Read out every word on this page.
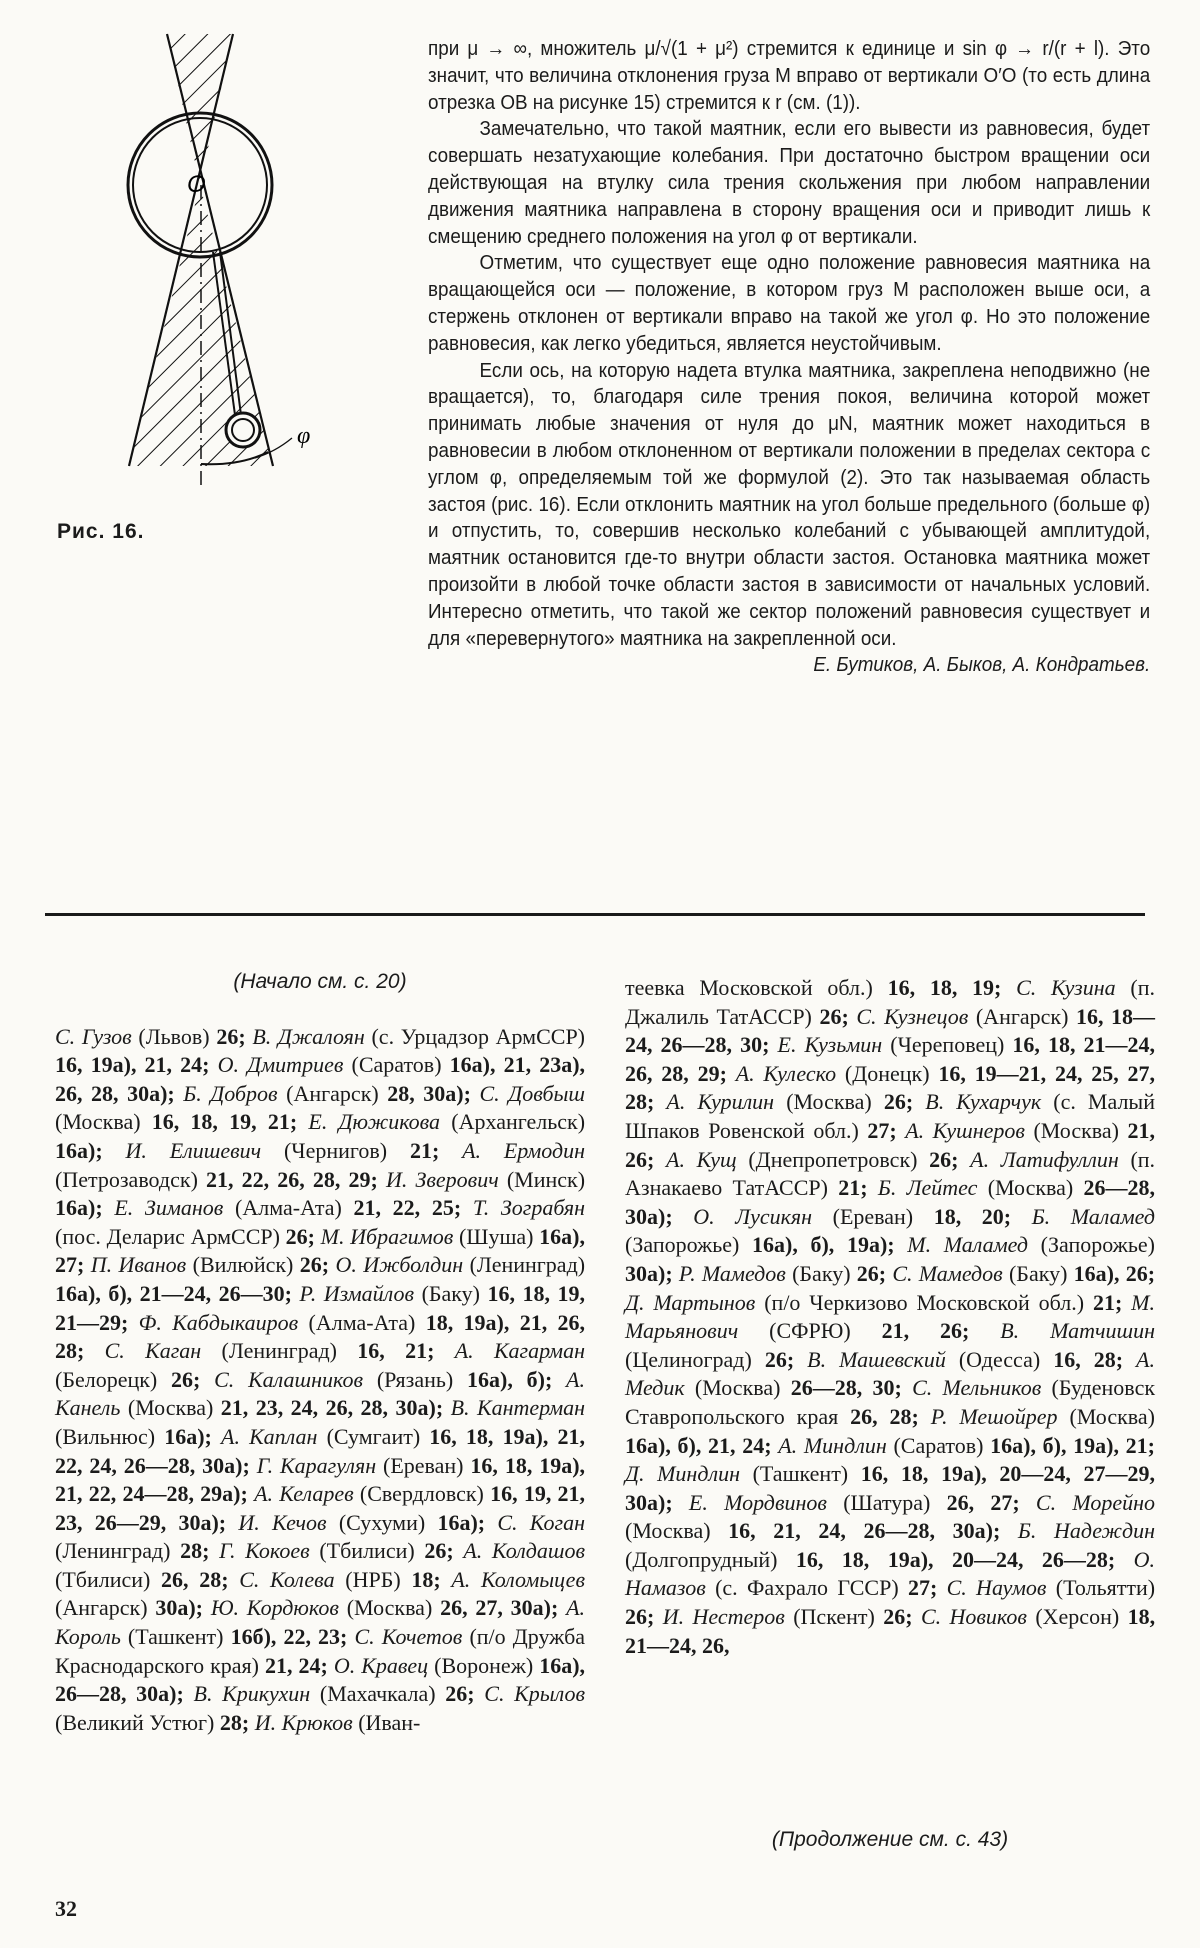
O
φ
Рис. 16.

при μ → ∞, множитель μ/√(1 + μ²) стремится к единице и sin φ → r/(r + l). Это значит, что величина отклонения груза M вправо от вертикали O′O (то есть длина отрезка OB на рисунке 15) стремится к r (см. (1)).

Замечательно, что такой маятник, если его вывести из равновесия, будет совершать незатухающие колебания. При достаточно быстром вращении оси действующая на втулку сила трения скольжения при любом направлении движения маятника направлена в сторону вращения оси и приводит лишь к смещению среднего положения на угол φ от вертикали.

Отметим, что существует еще одно положение равновесия маятника на вращающейся оси — положение, в котором груз M расположен выше оси, а стержень отклонен от вертикали вправо на такой же угол φ. Но это положение равновесия, как легко убедиться, является неустойчивым.

Если ось, на которую надета втулка маятника, закреплена неподвижно (не вращается), то, благодаря силе трения покоя, величина которой может принимать любые значения от нуля до μN, маятник может находиться в равновесии в любом отклоненном от вертикали положении в пределах сектора с углом φ, определяемым той же формулой (2). Это так называемая область застоя (рис. 16). Если отклонить маятник на угол больше предельного (больше φ) и отпустить, то, совершив несколько колебаний с убывающей амплитудой, маятник остановится где-то внутри области застоя. Остановка маятника может произойти в любой точке области застоя в зависимости от начальных условий. Интересно отметить, что такой же сектор положений равновесия существует и для «перевернутого» маятника на закрепленной оси.

Е. Бутиков, А. Быков, А. Кондратьев.

(Начало см. с. 20)
С. Гузов (Львов) 26; В. Джалоян (с. Урцадзор АрмССР) 16, 19а), 21, 24; О. Дмитриев (Саратов) 16а), 21, 23а), 26, 28, 30а); Б. Добров (Ангарск) 28, 30а); С. Довбыш (Москва) 16, 18, 19, 21; Е. Дюжикова (Архангельск) 16а); И. Елишевич (Чернигов) 21; А. Ермодин (Петрозаводск) 21, 22, 26, 28, 29; И. Зверович (Минск) 16а); Е. Зиманов (Алма-Ата) 21, 22, 25; Т. Зограбян (пос. Деларис АрмССР) 26; М. Ибрагимов (Шуша) 16а), 27; П. Иванов (Вилюйск) 26; О. Ижболдин (Ленинград) 16а), б), 21—24, 26—30; Р. Измайлов (Баку) 16, 18, 19, 21—29; Ф. Кабдыкаиров (Алма-Ата) 18, 19а), 21, 26, 28; С. Каган (Ленинград) 16, 21; А. Кагарман (Белорецк) 26; С. Калашников (Рязань) 16а), б); А. Канель (Москва) 21, 23, 24, 26, 28, 30а); В. Кантерман (Вильнюс) 16а); А. Каплан (Сумгаит) 16, 18, 19а), 21, 22, 24, 26—28, 30а); Г. Карагулян (Ереван) 16, 18, 19а), 21, 22, 24—28, 29а); А. Келарев (Свердловск) 16, 19, 21, 23, 26—29, 30а); И. Кечов (Сухуми) 16а); С. Коган (Ленинград) 28; Г. Кокоев (Тбилиси) 26; А. Колдашов (Тбилиси) 26, 28; С. Колева (НРБ) 18; А. Коломыцев (Ангарск) 30а); Ю. Кордюков (Москва) 26, 27, 30а); А. Король (Ташкент) 16б), 22, 23; С. Кочетов (п/о Дружба Краснодарского края) 21, 24; О. Кравец (Воронеж) 16а), 26—28, 30а); В. Крикухин (Махачкала) 26; С. Крылов (Великий Устюг) 28; И. Крюков (Иван-
теевка Московской обл.) 16, 18, 19; С. Кузина (п. Джалиль ТатАССР) 26; С. Кузнецов (Ангарск) 16, 18—24, 26—28, 30; Е. Кузьмин (Череповец) 16, 18, 21—24, 26, 28, 29; А. Кулеско (Донецк) 16, 19—21, 24, 25, 27, 28; А. Курилин (Москва) 26; В. Кухарчук (с. Малый Шпаков Ровенской обл.) 27; А. Кушнеров (Москва) 21, 26; А. Кущ (Днепропетровск) 26; А. Латифуллин (п. Азнакаево ТатАССР) 21; Б. Лейтес (Москва) 26—28, 30а); О. Лусикян (Ереван) 18, 20; Б. Маламед (Запорожье) 16а), б), 19а); М. Маламед (Запорожье) 30а); Р. Мамедов (Баку) 26; С. Мамедов (Баку) 16а), 26; Д. Мартынов (п/о Черкизово Московской обл.) 21; М. Марьянович (СФРЮ) 21, 26; В. Матчишин (Целиноград) 26; В. Машевский (Одесса) 16, 28; А. Медик (Москва) 26—28, 30; С. Мельников (Буденовск Ставропольского края 26, 28; Р. Мешойрер (Москва) 16а), б), 21, 24; А. Миндлин (Саратов) 16а), б), 19а), 21; Д. Миндлин (Ташкент) 16, 18, 19а), 20—24, 27—29, 30а); Е. Мордвинов (Шатура) 26, 27; С. Морейно (Москва) 16, 21, 24, 26—28, 30а); Б. Надеждин (Долгопрудный) 16, 18, 19а), 20—24, 26—28; О. Намазов (с. Фахрало ГССР) 27; С. Наумов (Тольятти) 26; И. Нестеров (Пскент) 26; С. Новиков (Херсон) 18, 21—24, 26,
(Продолжение см. с. 43)
32
